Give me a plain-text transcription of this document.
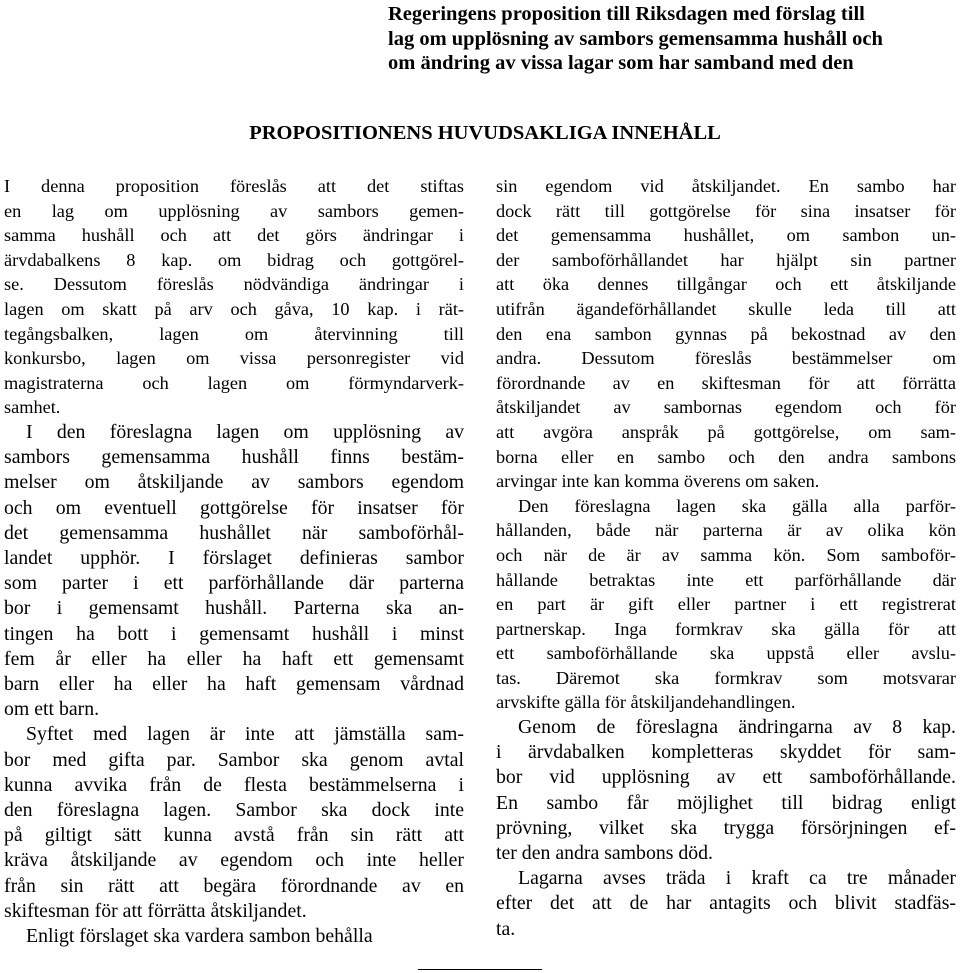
Regeringens proposition till Riksdagen med förslag till
lag om upplösning av sambors gemensamma hushåll och
om ändring av vissa lagar som har samband med den
PROPOSITIONENS HUVUDSAKLIGA INNEHÅLL
I denna proposition föreslås att det stiftas
en lag om upplösning av sambors gemen-
samma hushåll och att det görs ändringar i
ärvdabalkens 8 kap. om bidrag och gottgörel-
se. Dessutom föreslås nödvändiga ändringar i
lagen om skatt på arv och gåva, 10 kap. i rät-
tegångsbalken, lagen om återvinning till
konkursbo, lagen om vissa personregister vid
magistraterna och lagen om förmyndarverk-
samhet.
I den föreslagna lagen om upplösning av
sambors gemensamma hushåll finns bestäm-
melser om åtskiljande av sambors egendom
och om eventuell gottgörelse för insatser för
det gemensamma hushållet när samboförhål-
landet upphör. I förslaget definieras sambor
som parter i ett parförhållande där parterna
bor i gemensamt hushåll. Parterna ska an-
tingen ha bott i gemensamt hushåll i minst
fem år eller ha eller ha haft ett gemensamt
barn eller ha eller ha haft gemensam vårdnad
om ett barn.
Syftet med lagen är inte att jämställa sam-
bor med gifta par. Sambor ska genom avtal
kunna avvika från de flesta bestämmelserna i
den föreslagna lagen. Sambor ska dock inte
på giltigt sätt kunna avstå från sin rätt att
kräva åtskiljande av egendom och inte heller
från sin rätt att begära förordnande av en
skiftesman för att förrätta åtskiljandet.
Enligt förslaget ska vardera sambon behålla
sin egendom vid åtskiljandet. En sambo har
dock rätt till gottgörelse för sina insatser för
det gemensamma hushållet, om sambon un-
der samboförhållandet har hjälpt sin partner
att öka dennes tillgångar och ett åtskiljande
utifrån ägandeförhållandet skulle leda till att
den ena sambon gynnas på bekostnad av den
andra. Dessutom föreslås bestämmelser om
förordnande av en skiftesman för att förrätta
åtskiljandet av sambornas egendom och för
att avgöra anspråk på gottgörelse, om sam-
borna eller en sambo och den andra sambons
arvingar inte kan komma överens om saken.
Den föreslagna lagen ska gälla alla parför-
hållanden, både när parterna är av olika kön
och när de är av samma kön. Som samboför-
hållande betraktas inte ett parförhållande där
en part är gift eller partner i ett registrerat
partnerskap. Inga formkrav ska gälla för att
ett samboförhållande ska uppstå eller avslu-
tas. Däremot ska formkrav som motsvarar
arvskifte gälla för åtskiljandehandlingen.
Genom de föreslagna ändringarna av 8 kap.
i ärvdabalken kompletteras skyddet för sam-
bor vid upplösning av ett samboförhållande.
En sambo får möjlighet till bidrag enligt
prövning, vilket ska trygga försörjningen ef-
ter den andra sambons död.
Lagarna avses träda i kraft ca tre månader
efter det att de har antagits och blivit stadfäs-
ta.
